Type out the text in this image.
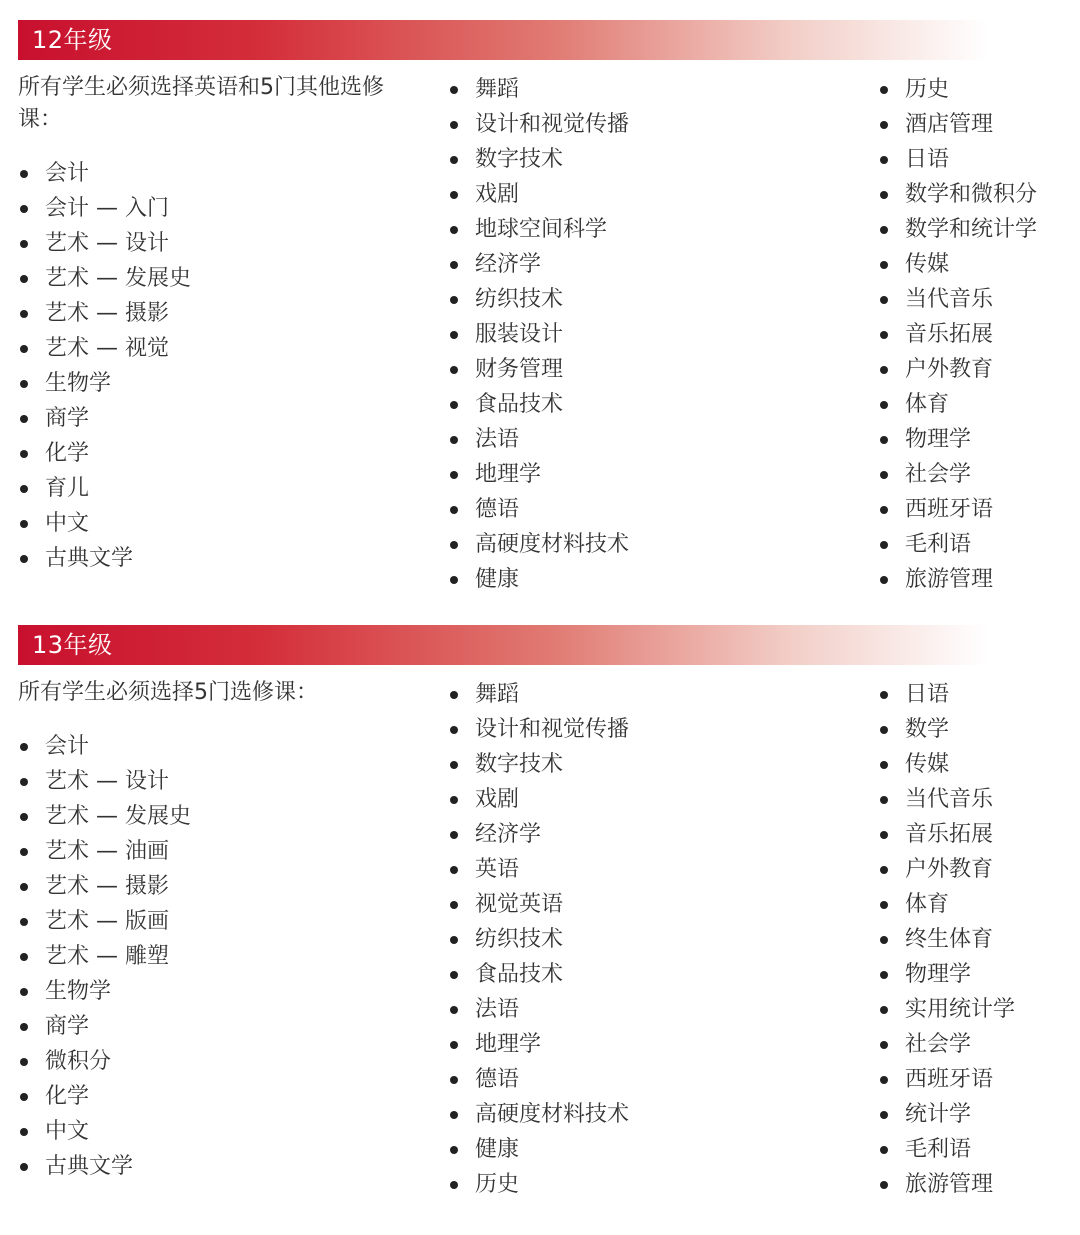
12年级

所有学生必须选择英语和5门其他选修课：

会计
会计 — 入门
艺术 — 设计
艺术 — 发展史
艺术 — 摄影
艺术 — 视觉
生物学
商学
化学
育儿
中文
古典文学
舞蹈
设计和视觉传播
数字技术
戏剧
地球空间科学
经济学
纺织技术
服装设计
财务管理
食品技术
法语
地理学
德语
高硬度材料技术
健康
历史
酒店管理
日语
数学和微积分
数学和统计学
传媒
当代音乐
音乐拓展
户外教育
体育
物理学
社会学
西班牙语
毛利语
旅游管理
13年级

所有学生必须选择5门选修课：

会计
艺术 — 设计
艺术 — 发展史
艺术 — 油画
艺术 — 摄影
艺术 — 版画
艺术 — 雕塑
生物学
商学
微积分
化学
中文
古典文学
舞蹈
设计和视觉传播
数字技术
戏剧
经济学
英语
视觉英语
纺织技术
食品技术
法语
地理学
德语
高硬度材料技术
健康
历史
日语
数学
传媒
当代音乐
音乐拓展
户外教育
体育
终生体育
物理学
实用统计学
社会学
西班牙语
统计学
毛利语
旅游管理
